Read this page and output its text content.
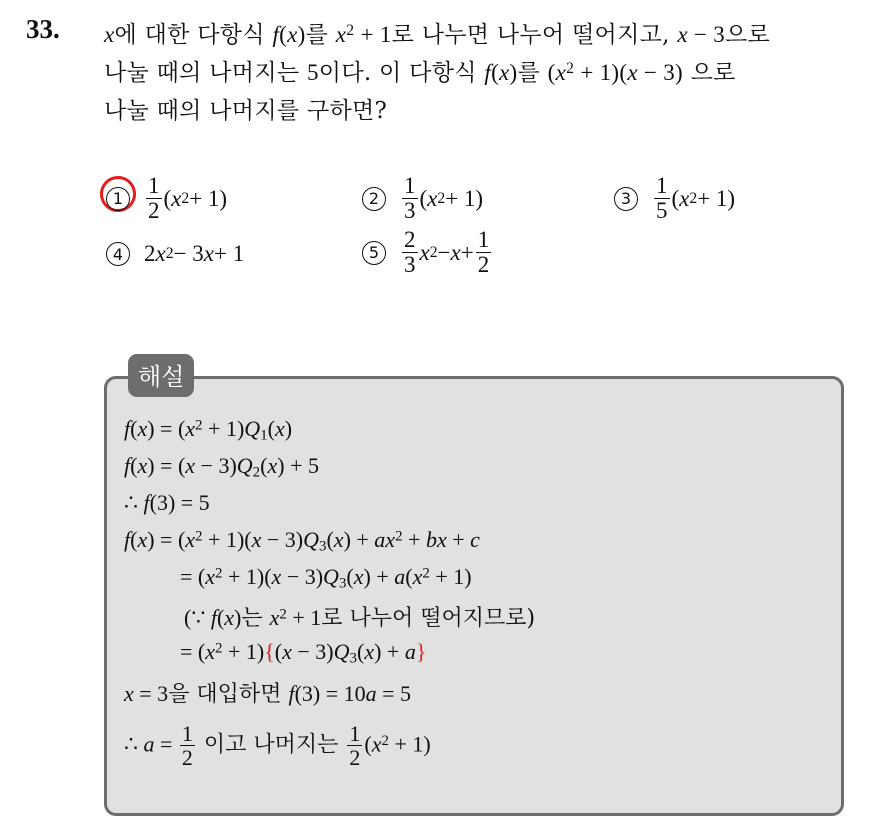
33. x에 대한 다항식 f(x)를 $x^2 + 1$로 나누면 나누어 떨어지고, x − 3으로
나눌 때의 나머지는 5이다. 이 다항식 f(x)를 $(x^2 + 1)(x - 3)$ 으로
나눌 때의 나머지를 구하면?
$1 \frac{1}{2}$ ( x 2 + 1)	$2 \frac{1}{3}$ ( x 2 + 1)	$3 \frac{1}{5}$ ( x 2 + 1)
4 2 x 2 − 3 x + 1	$5 \frac{2}{3}$ x $2 - x + \frac{1}{2}$
해설
$f(x) = (x^2 + 1)Q_1(x)$
$f(x) = (x - 3)Q_2(x) + 5$
∴ f(3) = 5
$f(x) = (x^2 + 1)(x - 3)Q_3(x) + ax^2$ + bx + c
= $(x^2 + 1)(x - 3)Q_3(x) + a(x^2 + 1)$
(∵ f(x)는 $x^2 + 1$로 나누어 떨어지므로)
= $(x^2 + 1)\{(x - 3)Q_3(x) + a\}$
x = 3을 대입하면 f(3) = 10a = 5
∴ $a = \frac{1}{2}$ 이고 나머지는 $\frac{1}{2} (x^2 + 1)$
